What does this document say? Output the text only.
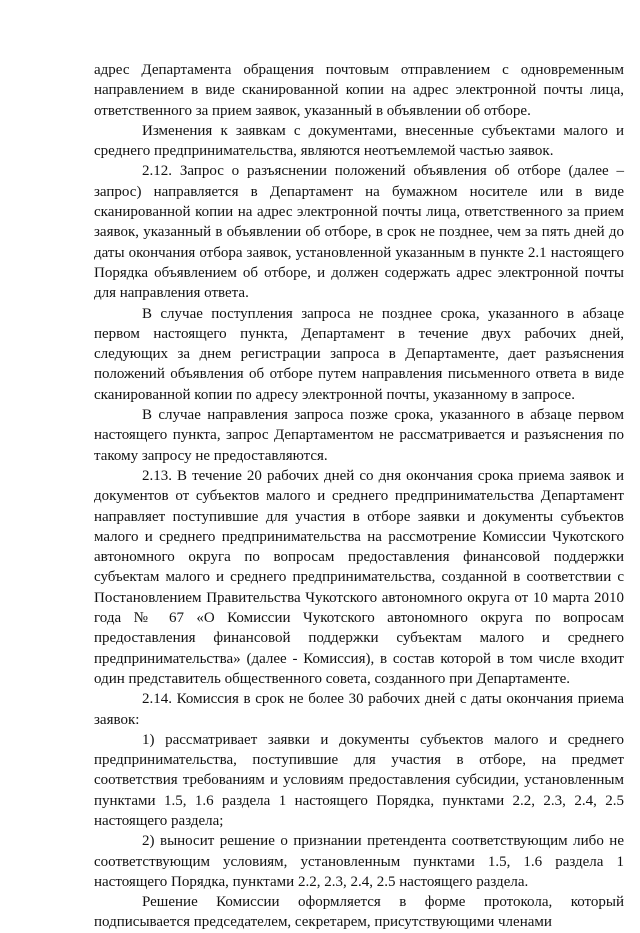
адрес Департамента обращения почтовым отправлением с одновременным направлением в виде сканированной копии на адрес электронной почты лица, ответственного за прием заявок, указанный в объявлении об отборе.

Изменения к заявкам с документами, внесенные субъектами малого и среднего предпринимательства, являются неотъемлемой частью заявок.

2.12. Запрос о разъяснении положений объявления об отборе (далее – запрос) направляется в Департамент на бумажном носителе или в виде сканированной копии на адрес электронной почты лица, ответственного за прием заявок, указанный в объявлении об отборе, в срок не позднее, чем за пять дней до даты окончания отбора заявок, установленной указанным в пункте 2.1 настоящего Порядка объявлением об отборе, и должен содержать адрес электронной почты для направления ответа.

В случае поступления запроса не позднее срока, указанного в абзаце первом настоящего пункта, Департамент в течение двух рабочих дней, следующих за днем регистрации запроса в Департаменте, дает разъяснения положений объявления об отборе путем направления письменного ответа в виде сканированной копии по адресу электронной почты, указанному в запросе.

В случае направления запроса позже срока, указанного в абзаце первом настоящего пункта, запрос Департаментом не рассматривается и разъяснения по такому запросу не предоставляются.

2.13. В течение 20 рабочих дней со дня окончания срока приема заявок и документов от субъектов малого и среднего предпринимательства Департамент направляет поступившие для участия в отборе заявки и документы субъектов малого и среднего предпринимательства на рассмотрение Комиссии Чукотского автономного округа по вопросам предоставления финансовой поддержки субъектам малого и среднего предпринимательства, созданной в соответствии с Постановлением Правительства Чукотского автономного округа от 10 марта 2010 года № 67 «О Комиссии Чукотского автономного округа по вопросам предоставления финансовой поддержки субъектам малого и среднего предпринимательства» (далее - Комиссия), в состав которой в том числе входит один представитель общественного совета, созданного при Департаменте.

2.14. Комиссия в срок не более 30 рабочих дней с даты окончания приема заявок:

1) рассматривает заявки и документы субъектов малого и среднего предпринимательства, поступившие для участия в отборе, на предмет соответствия требованиям и условиям предоставления субсидии, установленным пунктами 1.5, 1.6 раздела 1 настоящего Порядка, пунктами 2.2, 2.3, 2.4, 2.5 настоящего раздела;

2) выносит решение о признании претендента соответствующим либо не соответствующим условиям, установленным пунктами 1.5, 1.6 раздела 1 настоящего Порядка, пунктами 2.2, 2.3, 2.4, 2.5 настоящего раздела.

Решение Комиссии оформляется в форме протокола, который подписывается председателем, секретарем, присутствующими членами
